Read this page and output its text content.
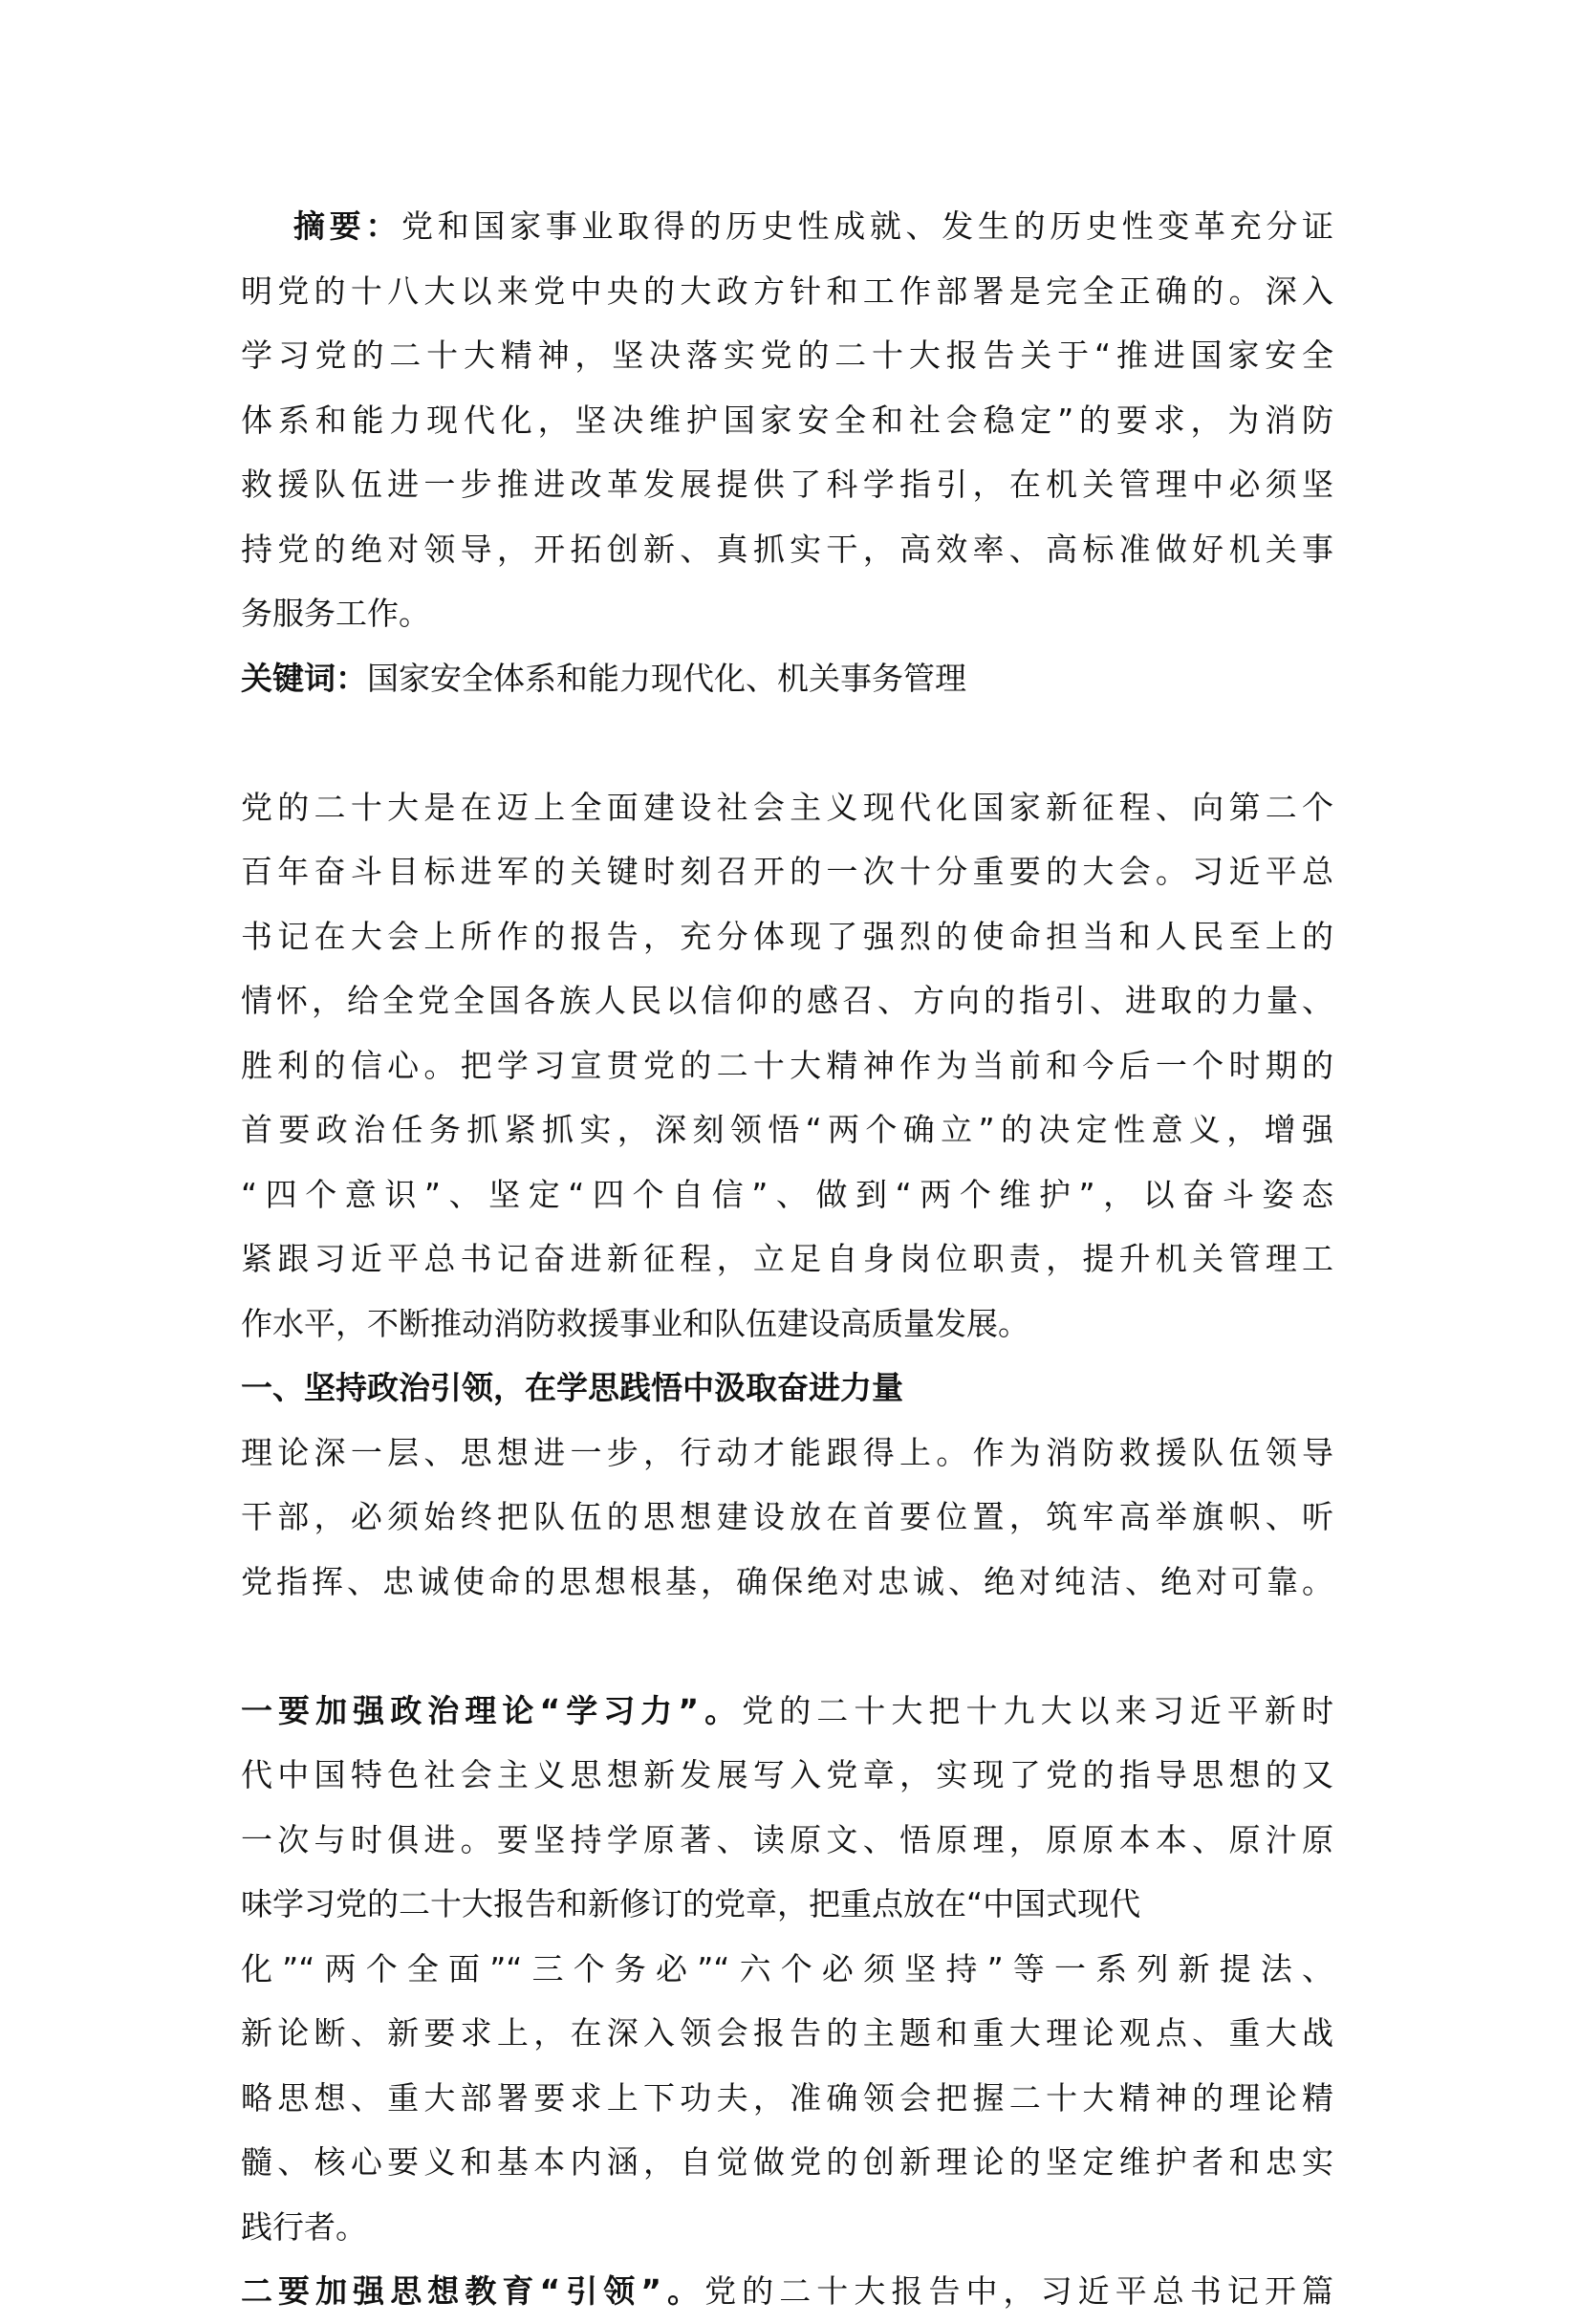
摘要：党和国家事业取得的历史性成就、发生的历史性变革充分证
明党的十八大以来党中央的大政方针和工作部署是完全正确的。深入
学习党的二十大精神，坚决落实党的二十大报告关于“推进国家安全
体系和能力现代化，坚决维护国家安全和社会稳定”的要求，为消防
救援队伍进一步推进改革发展提供了科学指引，在机关管理中必须坚
持党的绝对领导，开拓创新、真抓实干，高效率、高标准做好机关事
务服务工作。
关键词：国家安全体系和能力现代化、机关事务管理
党的二十大是在迈上全面建设社会主义现代化国家新征程、向第二个
百年奋斗目标进军的关键时刻召开的一次十分重要的大会。习近平总
书记在大会上所作的报告，充分体现了强烈的使命担当和人民至上的
情怀，给全党全国各族人民以信仰的感召、方向的指引、进取的力量、
胜利的信心。把学习宣贯党的二十大精神作为当前和今后一个时期的
首要政治任务抓紧抓实，深刻领悟“两个确立”的决定性意义，增强
“四个意识”、坚定“四个自信”、做到“两个维护”，以奋斗姿态
紧跟习近平总书记奋进新征程，立足自身岗位职责，提升机关管理工
作水平，不断推动消防救援事业和队伍建设高质量发展。
一、坚持政治引领，在学思践悟中汲取奋进力量
理论深一层、思想进一步，行动才能跟得上。作为消防救援队伍领导
干部，必须始终把队伍的思想建设放在首要位置，筑牢高举旗帜、听
党指挥、忠诚使命的思想根基，确保绝对忠诚、绝对纯洁、绝对可靠。
一要加强政治理论“学习力”。党的二十大把十九大以来习近平新时
代中国特色社会主义思想新发展写入党章，实现了党的指导思想的又
一次与时俱进。要坚持学原著、读原文、悟原理，原原本本、原汁原
味学习党的二十大报告和新修订的党章，把重点放在“中国式现代
化”“两个全面”“三个务必”“六个必须坚持”等一系列新提法、
新论断、新要求上，在深入领会报告的主题和重大理论观点、重大战
略思想、重大部署要求上下功夫，准确领会把握二十大精神的理论精
髓、核心要义和基本内涵，自觉做党的创新理论的坚定维护者和忠实
践行者。
二要加强思想教育“引领”。党的二十大报告中，习近平总书记开篇
